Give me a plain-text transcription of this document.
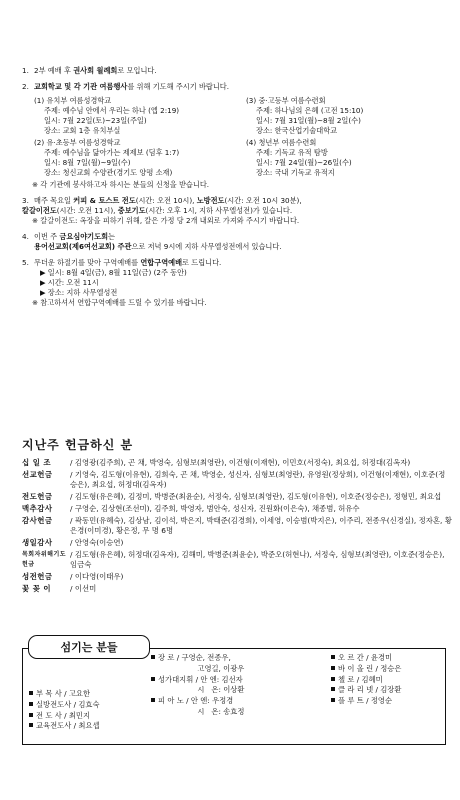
1. 2부 예배 후 권사회 월례회로 모입니다.
2. 교회학교 및 각 기관 여름행사를 위해 기도해 주시기 바랍니다.
(1) 유치부 여름성경학교
주제: 예수님 안에서 우리는 하나 (엡 2:19)
일시: 7월 22일(토)~23일(주일)
장소: 교회 1층 유치부실
(3) 중·고등부 여름수련회
주제: 하나님의 은혜 (고전 15:10)
일시: 7월 31일(월)~8월 2일(수)
장소: 한국산업기술대학교
(2) 유·초등부 여름성경학교
주제: 예수님을 닮아가는 제제보 (딤후 1:7)
일시: 8월 7일(월)~9일(수)
장소: 청신교회 수양관(경기도 양평 소재)
(4) 청년부 여름수련회
주제: 기독교 유적 탐방
일시: 7월 24일(월)~26일(수)
장소: 국내 기독교 유적지
※ 각 기관에 봉사하고자 하시는 분들의 신청을 받습니다.
3. 매주 목요일 커피 & 토스트 전도(시간: 오전 10시), 노방전도(시간: 오전 10시 30분),
칼갈이전도(시간: 오전 11시), 중보기도(시간: 오후 1시, 지하 사무엘성전)가 있습니다.
※ 칼갈이전도: 옥장을 피하기 위해, 칼은 가정 당 2개 내외로 가져와 주시기 바랍니다.
4. 이번 주 금요심야기도회는
용어선교회(제6여선교회) 주관으로 저녁 9시에 지하 사무엘성전에서 있습니다.
5. 무더운 하절기를 맞아 구역예배를 연합구역예배로 드립니다.
▶ 일시: 8월 4일(금), 8월 11일(금) (2주 동안)
▶ 시간: 오전 11시
▶ 장소: 지하 사무엘성전
※ 참고하셔서 연합구역예배를 드릴 수 있기를 바랍니다.
지난주 헌금하신 분
십 일 조	/ 김영광(김주희), 곤 채, 박영숙, 심형보(최영란), 이건형(이재현), 이민호(서정숙), 최요섭, 허정대(김옥자)
선교헌금	/ 기영숙, 김도형(이유현), 김희숙, 곤 채, 박영순, 성신자, 심형보(최영란), 유영원(정상희), 이건형(이재현), 이호준(정승은), 최요섭, 허정대(김옥자)
전도헌금	/ 김도형(유은혜), 김정미, 박병준(최윤순), 서정숙, 심형보(최영란), 김도형(이유현), 이호준(정승은), 정형민, 최요섭
맥추감사	/ 구영순, 김상현(조선미), 김주희, 박영자, 범안숙, 성신자, 진원화(이은숙), 채종범, 허유수
감사헌금	/ 곽동민(유혜숙), 김상남, 김이석, 박은지, 박태준(김경희), 이세영, 이승범(박지은), 이주리, 전종우(신경실), 정자혼, 황은경(이미경), 황은정, 무 명 6명
생일감사	/ 안영숙(이승연)
목회자위해기도헌금
/ 김도형(유은혜), 허정대(김옥자), 김해미, 박병준(최윤순), 박준오(허현나), 서정숙, 심형보(최영란), 이호준(정승은), 임금숙
성전헌금	/ 이다영(이태우)
꽃 꽂 이	/ 이선미
부 목 사 / 고요한
실방전도사 / 김효숙
전 도 사 / 최민지
교육전도사 / 최요셉
장 로 / 구영순, 전종우,
고영길, 이광우
성가대지휘 / 안 엔: 김선자
시   온: 이상환
피 아 노 / 안 엔: 우정경
시   온: 송효정
오 르 간 / 윤경미
바 이 올 린 / 정승은
첼 로 / 김혜미
클 라 리 넷 / 김장환
플 루 트 / 정영순
섬기는 분들
